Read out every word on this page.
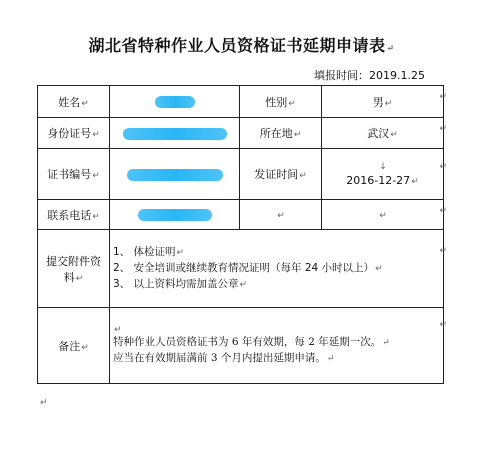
湖北省特种作业人员资格证书延期申请表↵
填报时间：2019.1.25
姓名↵		性别↵	男↵
身份证号↵		所在地↵	武汉↵
证书编号↵		发证时间↵	↓
2016-12-27↵

联系电话↵		↵	↵
提交附件资料↵	1、 体检证明↵
2、 安全培训或继续教育情况证明（每年 24 小时以上）↵
3、 以上资料均需加盖公章↵		

备注↵	↵
特种作业人员资格证书为 6 年有效期，每 2 年延期一次。↵
应当在有效期届满前 3 个月内提出延期申请。↵		
↵
↵
↵
↵
↵
↵
↵
